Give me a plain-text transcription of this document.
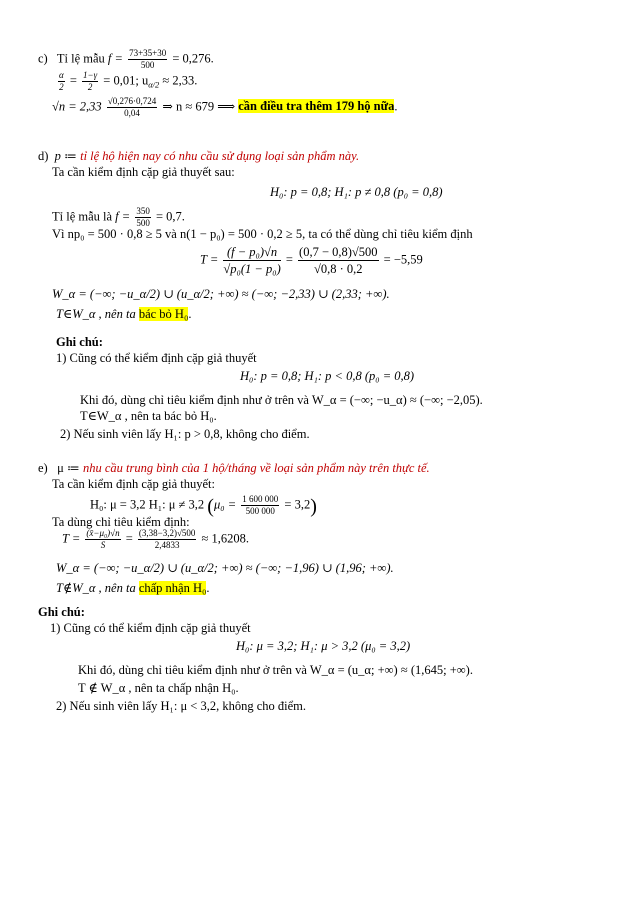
c) Tỉ lệ mẫu $f = \frac{73+35+30}{500} = 0,276$.
$\frac{\alpha}{2} = \frac{1-\gamma}{2} = 0,01$; $u_{\alpha/2} \approx 2,33$.
$√n = 2,33 \frac{√0,276\cdot 0,724}{0,04}$ ⇒ n ≈ 679 ⟹ cần điều tra thêm 179 hộ nữa.
d) p ≔ tỉ lệ hộ hiện nay có nhu cầu sử dụng loại sản phẩm này.
Ta cần kiểm định cặp giả thuyết sau:
H₀: p = 0,8; H₁: p ≠ 0,8 (p₀ = 0,8)
Tỉ lệ mẫu là $f = \frac{350}{500} = 0,7$.
Vì np₀ = 500 · 0,8 ≥ 5 và n(1 − p₀) = 500 · 0,2 ≥ 5, ta có thể dùng chỉ tiêu kiểm định
$T = \frac{\text{(f − p₀)√n}}{\text{√p₀(1 − p₀)}} = \frac{(0,7 - 0,8)√500}{√0,8 \cdot 0,2} = -5,59$
W_α = (−∞; −u_α/2) ∪ (u_α/2; +∞) ≈ (−∞; −2,33) ∪ (2,33; +∞).
T∈W_α , nên ta bác bỏ H₀.
Ghi chú:
1) Cũng có thể kiểm định cặp giả thuyết
H₀: p = 0,8; H₁: p < 0,8 (p₀ = 0,8)
Khi đó, dùng chỉ tiêu kiểm định như ở trên và W_α = (−∞; −u_α) ≈ (−∞; −2,05).
T∈W_α , nên ta bác bỏ H₀.
2) Nếu sinh viên lấy H₁: p > 0,8, không cho điểm.
e) μ ≔ nhu cầu trung bình của 1 hộ/tháng về loại sản phẩm này trên thực tế.
Ta cần kiểm định cặp giả thuyết:
H₀: μ = 3,2 H₁: μ ≠ 3,2 $(\mu_0 = \frac{1 600 000}{500 000} = 3,2)$
Ta dùng chỉ tiêu kiểm định:
$T = \frac{\text{(x̄−μ₀)√n}}{S} = \frac{(3,38-3,2)√500}{2,4833} \approx 1,6208$.
W_α = (−∞; −u_α/2) ∪ (u_α/2; +∞) ≈ (−∞; −1,96) ∪ (1,96; +∞).
T∉W_α , nên ta chấp nhận H₀.
Ghi chú:
1) Cũng có thể kiểm định cặp giả thuyết
H₀: μ = 3,2; H₁: μ > 3,2 (μ₀ = 3,2)
Khi đó, dùng chỉ tiêu kiểm định như ở trên và W_α = (u_α; +∞) ≈ (1,645; +∞).
T ∉ W_α , nên ta chấp nhận H₀.
2) Nếu sinh viên lấy H₁: μ < 3,2, không cho điểm.
